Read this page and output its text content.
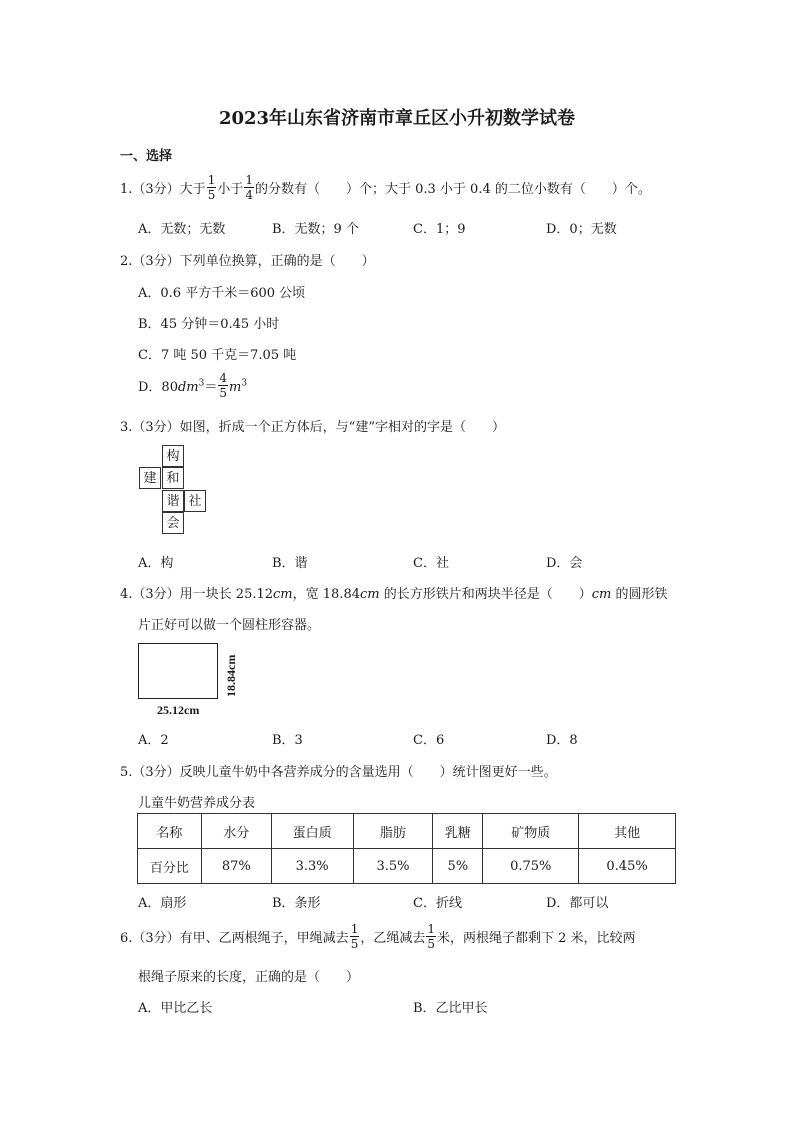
2023年山东省济南市章丘区小升初数学试卷
一、选择
1.（3分）大于 $\frac{1}{5}$ 小于 $\frac{1}{4}$ 的分数有（　　）个；大于 0.3 小于 0.4 的二位小数有（　　）个。
A．无数；无数	B．无数；9 个	C．1；9	D．0；无数
2.（3分）下列单位换算，正确的是（　　）
A．0.6 平方千米＝600 公顷
B．45 分钟＝0.45 小时
C．7 吨 50 千克＝7.05 吨
D．$80dm^3= \frac{4}{5} m^3$
3.（3分）如图，折成一个正方体后，与“建”字相对的字是（　　）
构
建 和
谐 社
会
A．构	B．谐	C．社	D．会
4.（3分）用一块长 25.12cm，宽 18.84cm 的长方形铁片和两块半径是（　　）cm 的圆形铁
片正好可以做一个圆柱形容器。
25.12cm
18.84cm
A．2	B．3	C．6	D．8
5.（3分）反映儿童牛奶中各营养成分的含量选用（　　）统计图更好一些。
儿童牛奶营养成分表
名称	水分	蛋白质	脂肪	乳糖	矿物质	其他
百分比	87%	3.3%	3.5%	5%	0.75%	0.45%
A．扇形	B．条形	C．折线	D．都可以
6.（3分）有甲、乙两根绳子，甲绳减去 $\frac{1}{5}$ ，乙绳减去 $\frac{1}{5}$ 米，两根绳子都剩下 2 米，比较两
根绳子原来的长度，正确的是（　　）
A．甲比乙长	B．乙比甲长
